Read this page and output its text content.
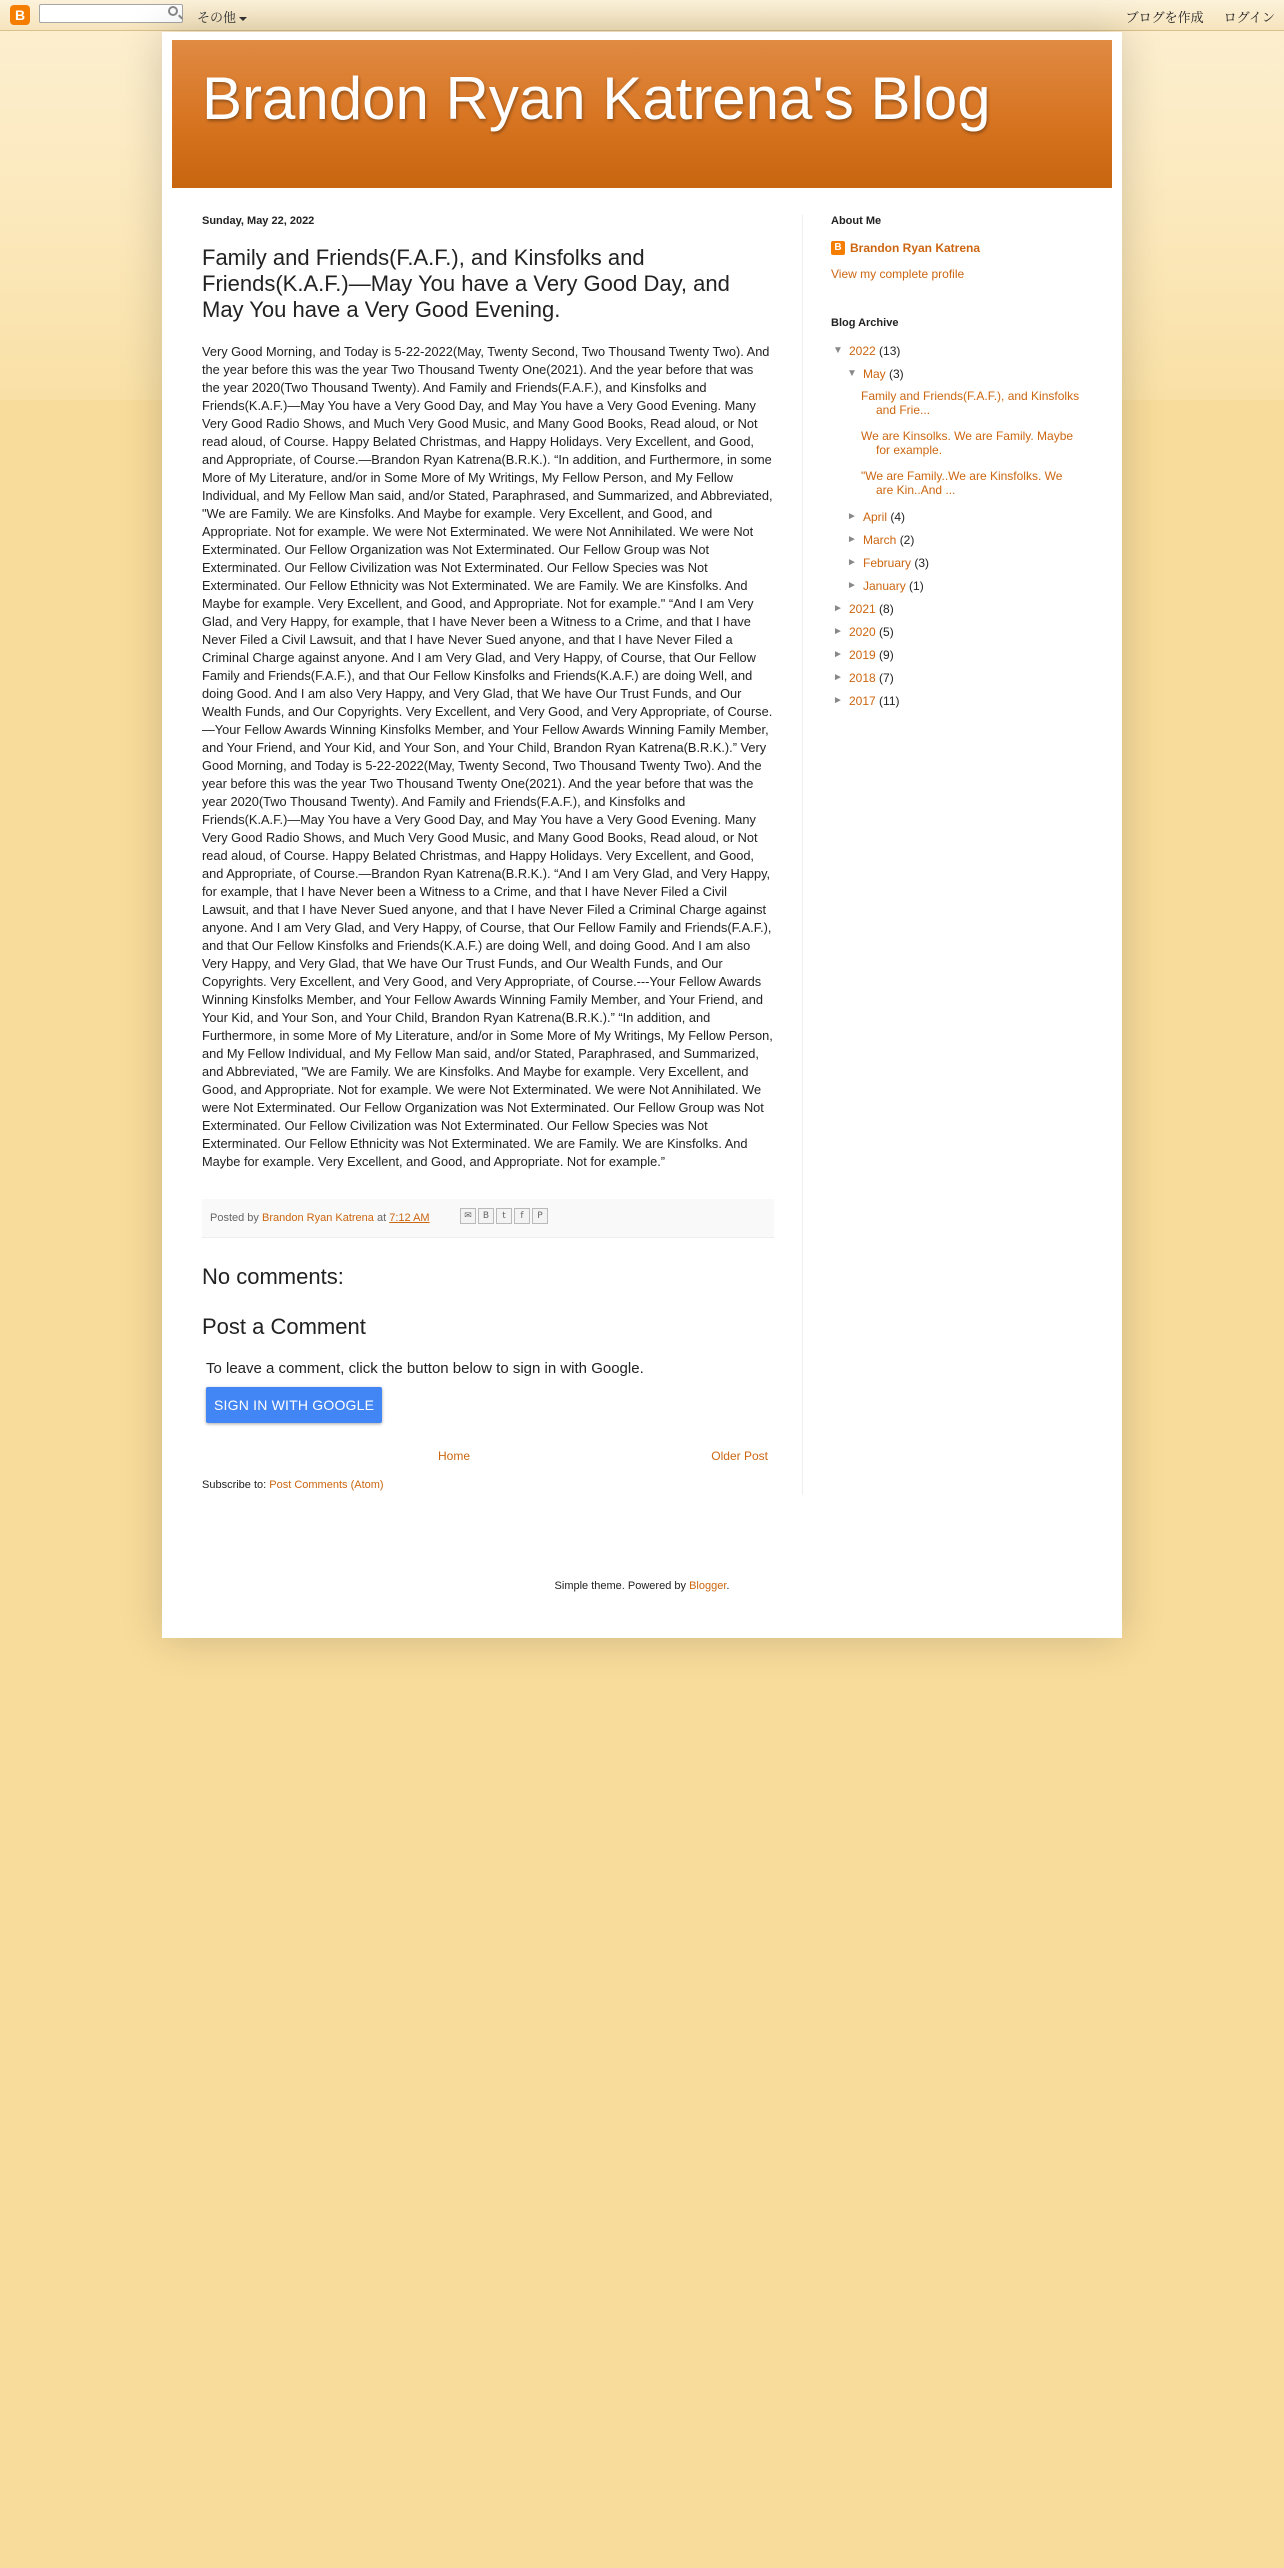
B	その他	ブログを作成 ログイン
Brandon Ryan Katrena's Blog
Sunday, May 22, 2022
Family and Friends(F.A.F.), and Kinsfolks and Friends(K.A.F.)—May You have a Very Good Day, and May You have a Very Good Evening.
Very Good Morning, and Today is 5-22-2022(May, Twenty Second, Two Thousand Twenty Two). And the year before this was the year Two Thousand Twenty One(2021). And the year before that was the year 2020(Two Thousand Twenty). And Family and Friends(F.A.F.), and Kinsfolks and Friends(K.A.F.)—May You have a Very Good Day, and May You have a Very Good Evening. Many Very Good Radio Shows, and Much Very Good Music, and Many Good Books, Read aloud, or Not read aloud, of Course. Happy Belated Christmas, and Happy Holidays. Very Excellent, and Good, and Appropriate, of Course.—Brandon Ryan Katrena(B.R.K.). “In addition, and Furthermore, in some More of My Literature, and/or in Some More of My Writings, My Fellow Person, and My Fellow Individual, and My Fellow Man said, and/or Stated, Paraphrased, and Summarized, and Abbreviated, "We are Family. We are Kinsfolks. And Maybe for example. Very Excellent, and Good, and Appropriate. Not for example. We were Not Exterminated. We were Not Annihilated. We were Not Exterminated. Our Fellow Organization was Not Exterminated. Our Fellow Group was Not Exterminated. Our Fellow Civilization was Not Exterminated. Our Fellow Species was Not Exterminated. Our Fellow Ethnicity was Not Exterminated. We are Family. We are Kinsfolks. And Maybe for example. Very Excellent, and Good, and Appropriate. Not for example." “And I am Very Glad, and Very Happy, for example, that I have Never been a Witness to a Crime, and that I have Never Filed a Civil Lawsuit, and that I have Never Sued anyone, and that I have Never Filed a Criminal Charge against anyone. And I am Very Glad, and Very Happy, of Course, that Our Fellow Family and Friends(F.A.F.), and that Our Fellow Kinsfolks and Friends(K.A.F.) are doing Well, and doing Good. And I am also Very Happy, and Very Glad, that We have Our Trust Funds, and Our Wealth Funds, and Our Copyrights. Very Excellent, and Very Good, and Very Appropriate, of Course.—Your Fellow Awards Winning Kinsfolks Member, and Your Fellow Awards Winning Family Member, and Your Friend, and Your Kid, and Your Son, and Your Child, Brandon Ryan Katrena(B.R.K.).” Very Good Morning, and Today is 5-22-2022(May, Twenty Second, Two Thousand Twenty Two). And the year before this was the year Two Thousand Twenty One(2021). And the year before that was the year 2020(Two Thousand Twenty). And Family and Friends(F.A.F.), and Kinsfolks and Friends(K.A.F.)—May You have a Very Good Day, and May You have a Very Good Evening. Many Very Good Radio Shows, and Much Very Good Music, and Many Good Books, Read aloud, or Not read aloud, of Course. Happy Belated Christmas, and Happy Holidays. Very Excellent, and Good, and Appropriate, of Course.—Brandon Ryan Katrena(B.R.K.). “And I am Very Glad, and Very Happy, for example, that I have Never been a Witness to a Crime, and that I have Never Filed a Civil Lawsuit, and that I have Never Sued anyone, and that I have Never Filed a Criminal Charge against anyone. And I am Very Glad, and Very Happy, of Course, that Our Fellow Family and Friends(F.A.F.), and that Our Fellow Kinsfolks and Friends(K.A.F.) are doing Well, and doing Good. And I am also Very Happy, and Very Glad, that We have Our Trust Funds, and Our Wealth Funds, and Our Copyrights. Very Excellent, and Very Good, and Very Appropriate, of Course.---Your Fellow Awards Winning Kinsfolks Member, and Your Fellow Awards Winning Family Member, and Your Friend, and Your Kid, and Your Son, and Your Child, Brandon Ryan Katrena(B.R.K.).” “In addition, and Furthermore, in some More of My Literature, and/or in Some More of My Writings, My Fellow Person, and My Fellow Individual, and My Fellow Man said, and/or Stated, Paraphrased, and Summarized, and Abbreviated, "We are Family. We are Kinsfolks. And Maybe for example. Very Excellent, and Good, and Appropriate. Not for example. We were Not Exterminated. We were Not Annihilated. We were Not Exterminated. Our Fellow Organization was Not Exterminated. Our Fellow Group was Not Exterminated. Our Fellow Civilization was Not Exterminated. Our Fellow Species was Not Exterminated. Our Fellow Ethnicity was Not Exterminated. We are Family. We are Kinsfolks. And Maybe for example. Very Excellent, and Good, and Appropriate. Not for example.”
Posted by Brandon Ryan Katrena at 7:12 AM	✉	B	t	f	P
No comments:
Post a Comment
To leave a comment, click the button below to sign in with Google.
SIGN IN WITH GOOGLE
Home	Older Post
Subscribe to: Post Comments (Atom)
About Me
B Brandon Ryan Katrena
View my complete profile
Blog Archive
▼ 2022 (13)
▼ May (3)
Family and Friends(F.A.F.), and Kinsfolks and Frie...
We are Kinsolks. We are Family. Maybe for example.
"We are Family..We are Kinsfolks. We are Kin..And ...
► April (4)
► March (2)
► February (3)
► January (1)
► 2021 (8)
► 2020 (5)
► 2019 (9)
► 2018 (7)
► 2017 (11)
Simple theme. Powered by Blogger.
